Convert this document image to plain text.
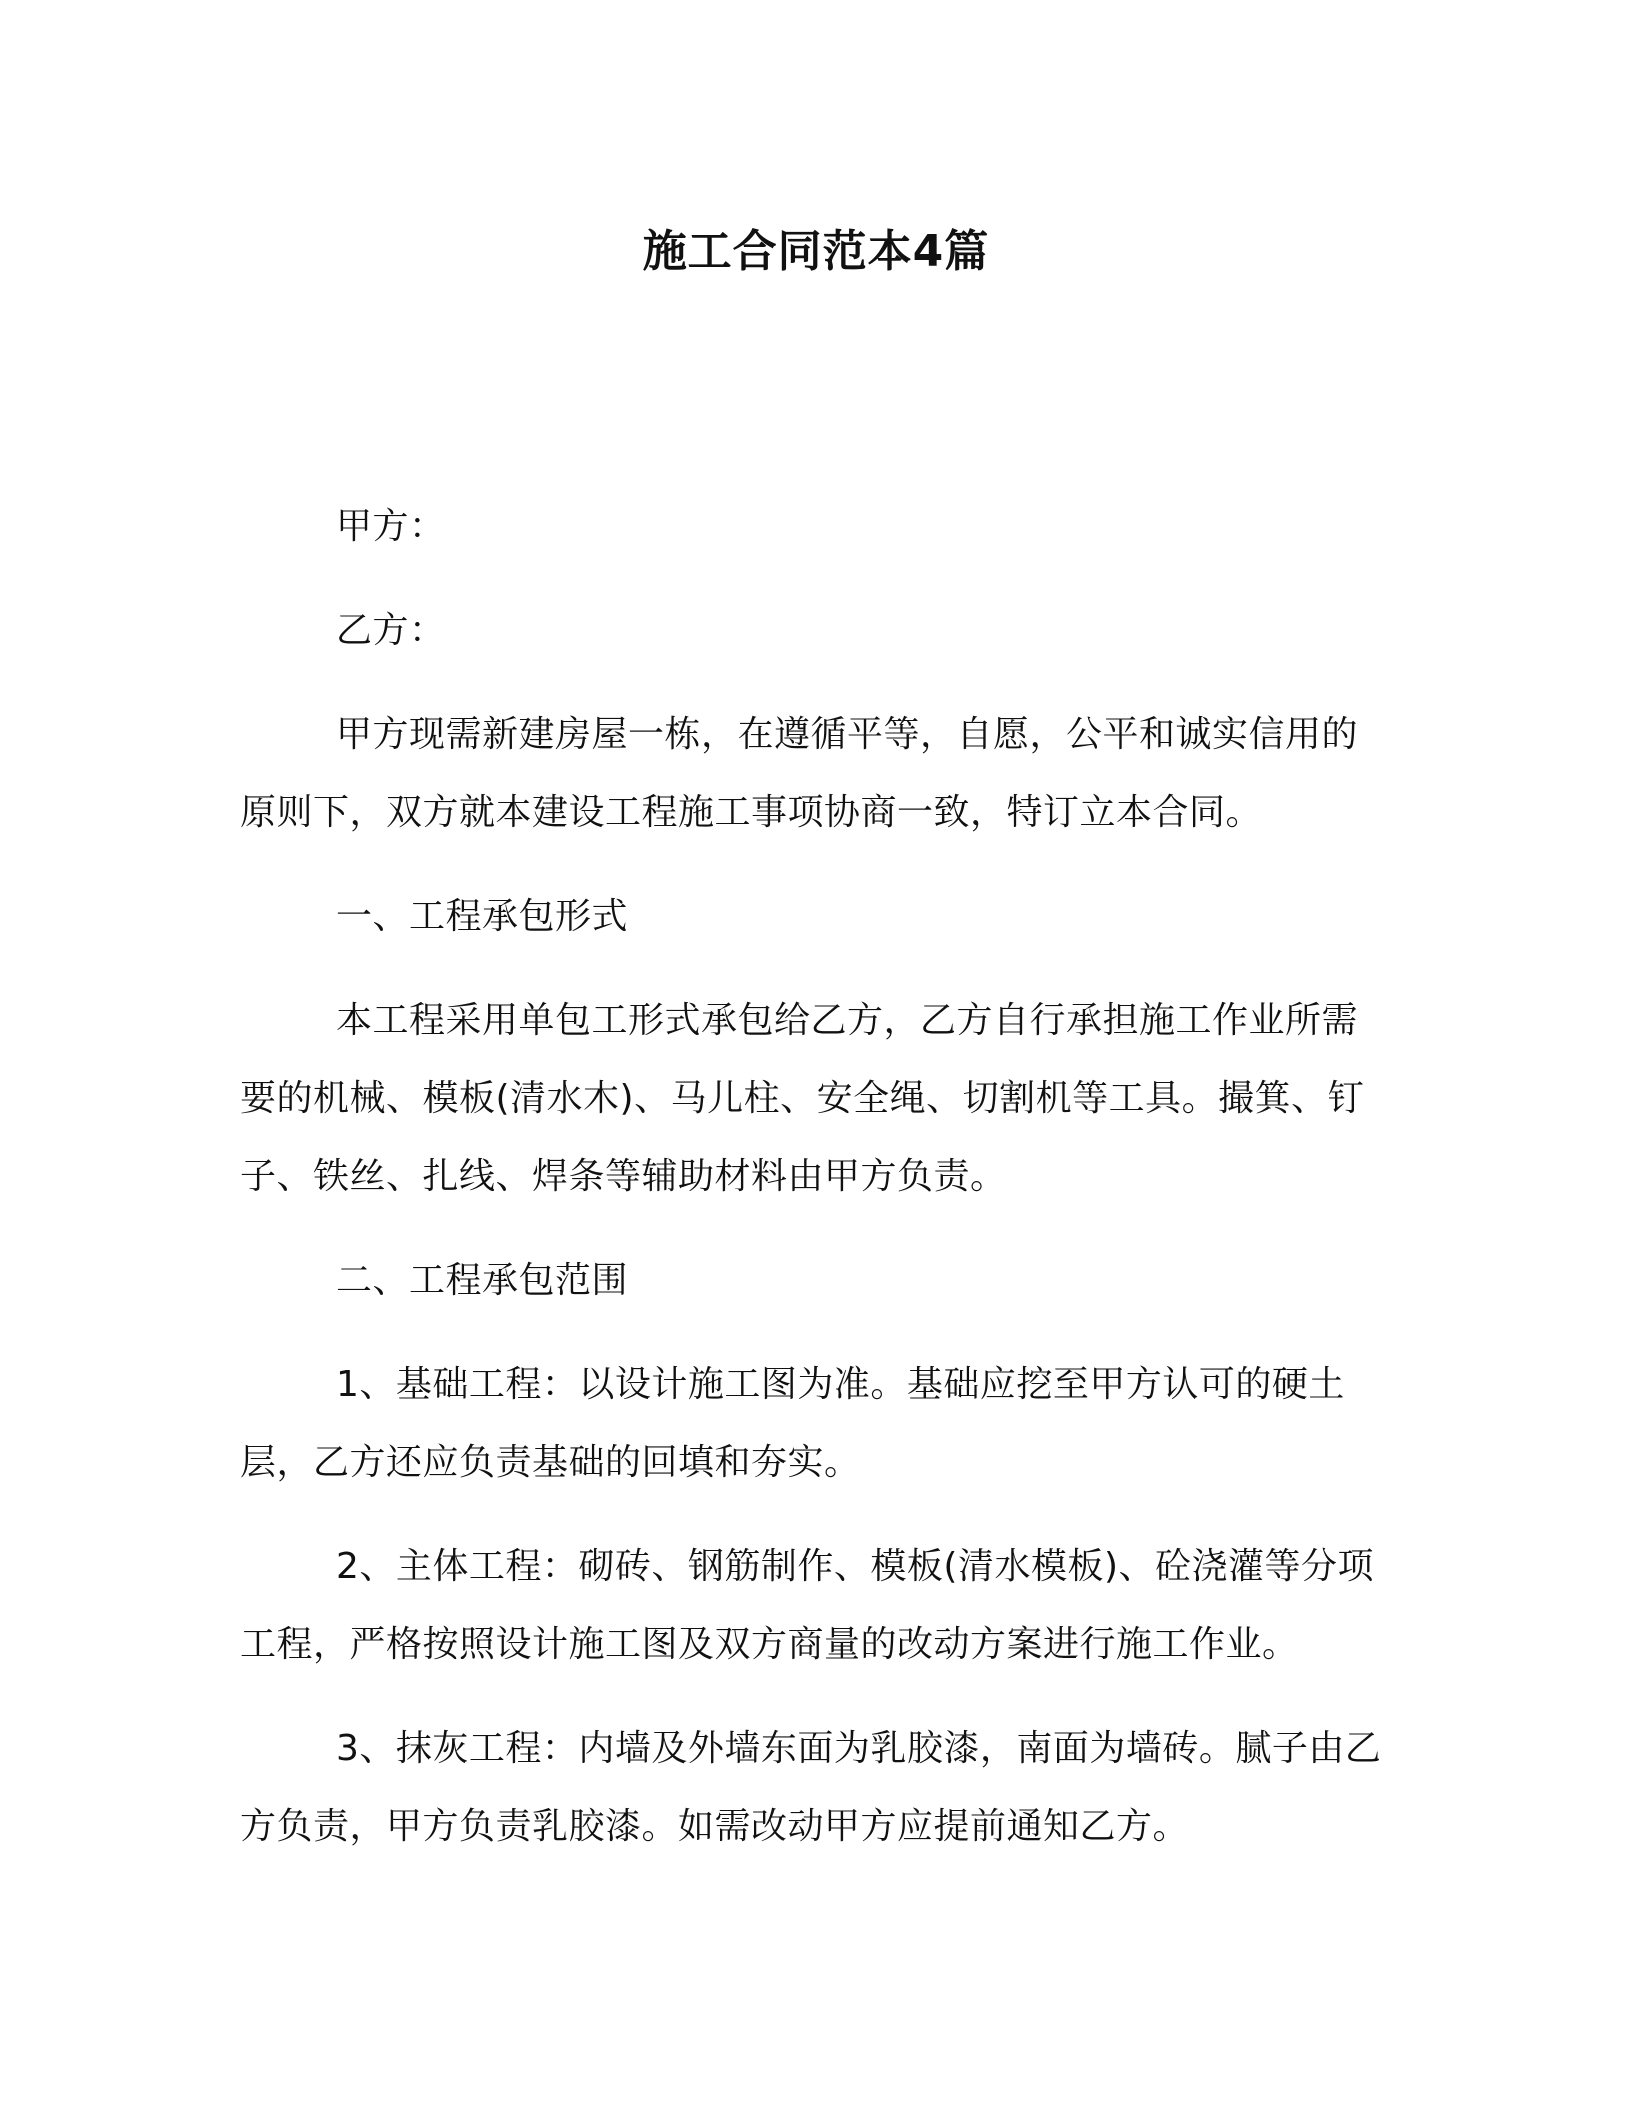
施工合同范本4篇

甲方：

乙方：

甲方现需新建房屋一栋，在遵循平等，自愿，公平和诚实信用的原则下，双方就本建设工程施工事项协商一致，特订立本合同。

一、工程承包形式

本工程采用单包工形式承包给乙方，乙方自行承担施工作业所需要的机械、模板(清水木)、马儿柱、安全绳、切割机等工具。撮箕、钉子、铁丝、扎线、焊条等辅助材料由甲方负责。

二、工程承包范围

1、基础工程：以设计施工图为准。基础应挖至甲方认可的硬土层，乙方还应负责基础的回填和夯实。

2、主体工程：砌砖、钢筋制作、模板(清水模板)、砼浇灌等分项工程，严格按照设计施工图及双方商量的改动方案进行施工作业。

3、抹灰工程：内墙及外墙东面为乳胶漆，南面为墙砖。腻子由乙方负责，甲方负责乳胶漆。如需改动甲方应提前通知乙方。
